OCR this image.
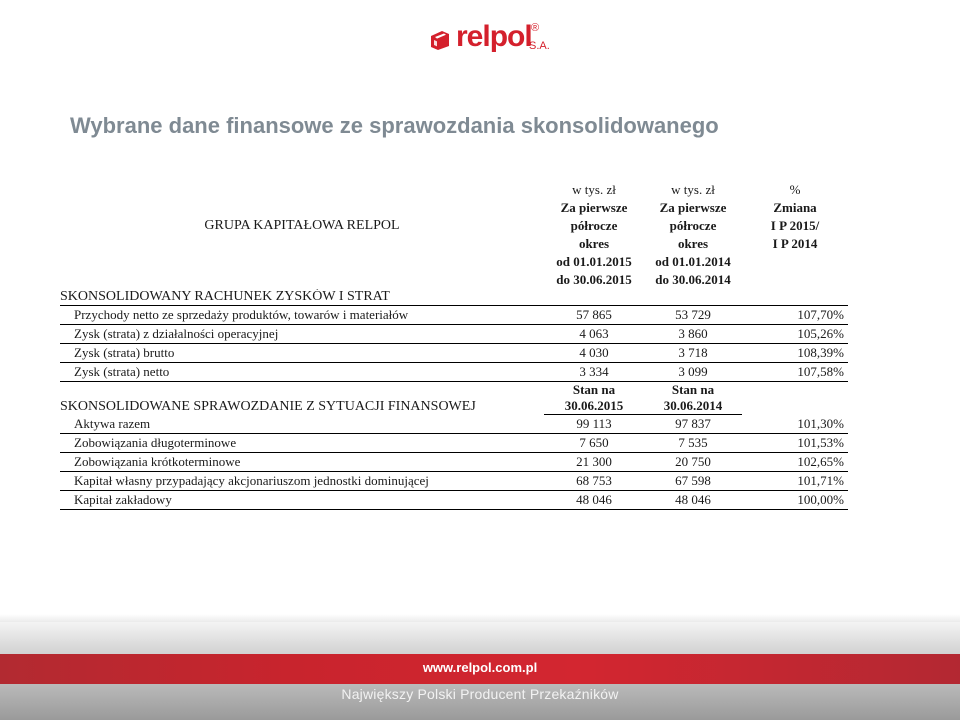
relpol ®
S.A.
Wybrane dane finansowe ze sprawozdania skonsolidowanego
GRUPA KAPITAŁOWA RELPOL	w tys. zł	w tys. zł	%
	Za pierwsze	Za pierwsze	Zmiana
	półrocze	półrocze	I P 2015/
	okres	okres	I P 2014
	od 01.01.2015	od 01.01.2014	
	do 30.06.2015	do 30.06.2014	
SKONSOLIDOWANY RACHUNEK ZYSKÓW I STRAT			
Przychody netto ze sprzedaży produktów, towarów i materiałów	57 865	53 729	107,70%
Zysk (strata) z działalności operacyjnej	4 063	3 860	105,26%
Zysk (strata) brutto	4 030	3 718	108,39%
Zysk (strata) netto	3 334	3 099	107,58%
SKONSOLIDOWANE SPRAWOZDANIE Z SYTUACJI FINANSOWEJ	Stan na	Stan na	
	30.06.2015	30.06.2014	
Aktywa razem	99 113	97 837	101,30%
Zobowiązania długoterminowe	7 650	7 535	101,53%
Zobowiązania krótkoterminowe	21 300	20 750	102,65%
Kapitał własny przypadający akcjonariuszom jednostki dominującej	68 753	67 598	101,71%
Kapitał zakładowy	48 046	48 046	100,00%
www.relpol.com.pl
Największy Polski Producent Przekaźników
